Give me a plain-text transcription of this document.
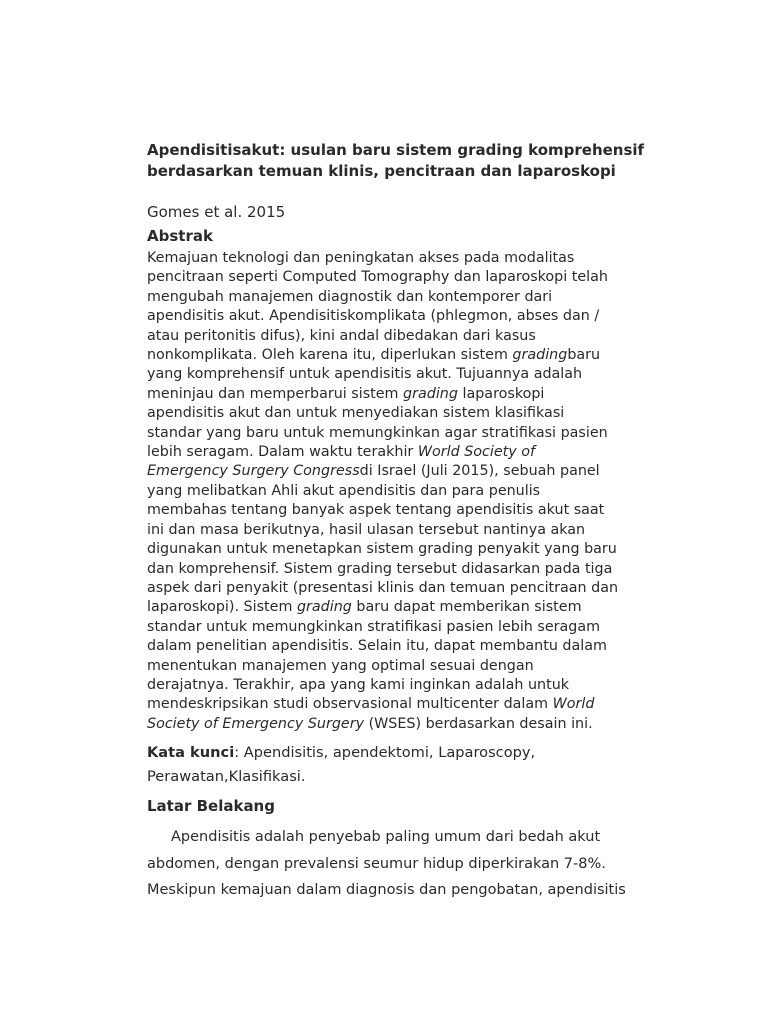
Apendisitisakut: usulan baru sistem grading komprehensif berdasarkan temuan klinis, pencitraan dan laparoskopi

Gomes et al. 2015

Abstrak

Kemajuan teknologi dan peningkatan akses pada modalitas
pencitraan seperti Computed Tomography dan laparoskopi telah
mengubah manajemen diagnostik dan kontemporer dari
apendisitis akut. Apendisitiskomplikata (phlegmon, abses dan /
atau peritonitis difus), kini andal dibedakan dari kasus
nonkomplikata. Oleh karena itu, diperlukan sistem gradingbaru
yang komprehensif untuk apendisitis akut. Tujuannya adalah
meninjau dan memperbarui sistem grading laparoskopi
apendisitis akut dan untuk menyediakan sistem klasifikasi
standar yang baru untuk memungkinkan agar stratifikasi pasien
lebih seragam. Dalam waktu terakhir World Society of
Emergency Surgery Congressdi Israel (Juli 2015), sebuah panel
yang melibatkan Ahli akut apendisitis dan para penulis
membahas tentang banyak aspek tentang apendisitis akut saat
ini dan masa berikutnya, hasil ulasan tersebut nantinya akan
digunakan untuk menetapkan sistem grading penyakit yang baru
dan komprehensif. Sistem grading tersebut didasarkan pada tiga
aspek dari penyakit (presentasi klinis dan temuan pencitraan dan
laparoskopi). Sistem grading baru dapat memberikan sistem
standar untuk memungkinkan stratifikasi pasien lebih seragam
dalam penelitian apendisitis. Selain itu, dapat membantu dalam
menentukan manajemen yang optimal sesuai dengan
derajatnya. Terakhir, apa yang kami inginkan adalah untuk
mendeskripsikan studi observasional multicenter dalam World
Society of Emergency Surgery (WSES) berdasarkan desain ini.
Kata kunci: Apendisitis, apendektomi, Laparoscopy,
Perawatan,Klasifikasi.

Latar Belakang

Apendisitis adalah penyebab paling umum dari bedah akut
abdomen, dengan prevalensi seumur hidup diperkirakan 7-8%.
Meskipun kemajuan dalam diagnosis dan pengobatan, apendisitis
